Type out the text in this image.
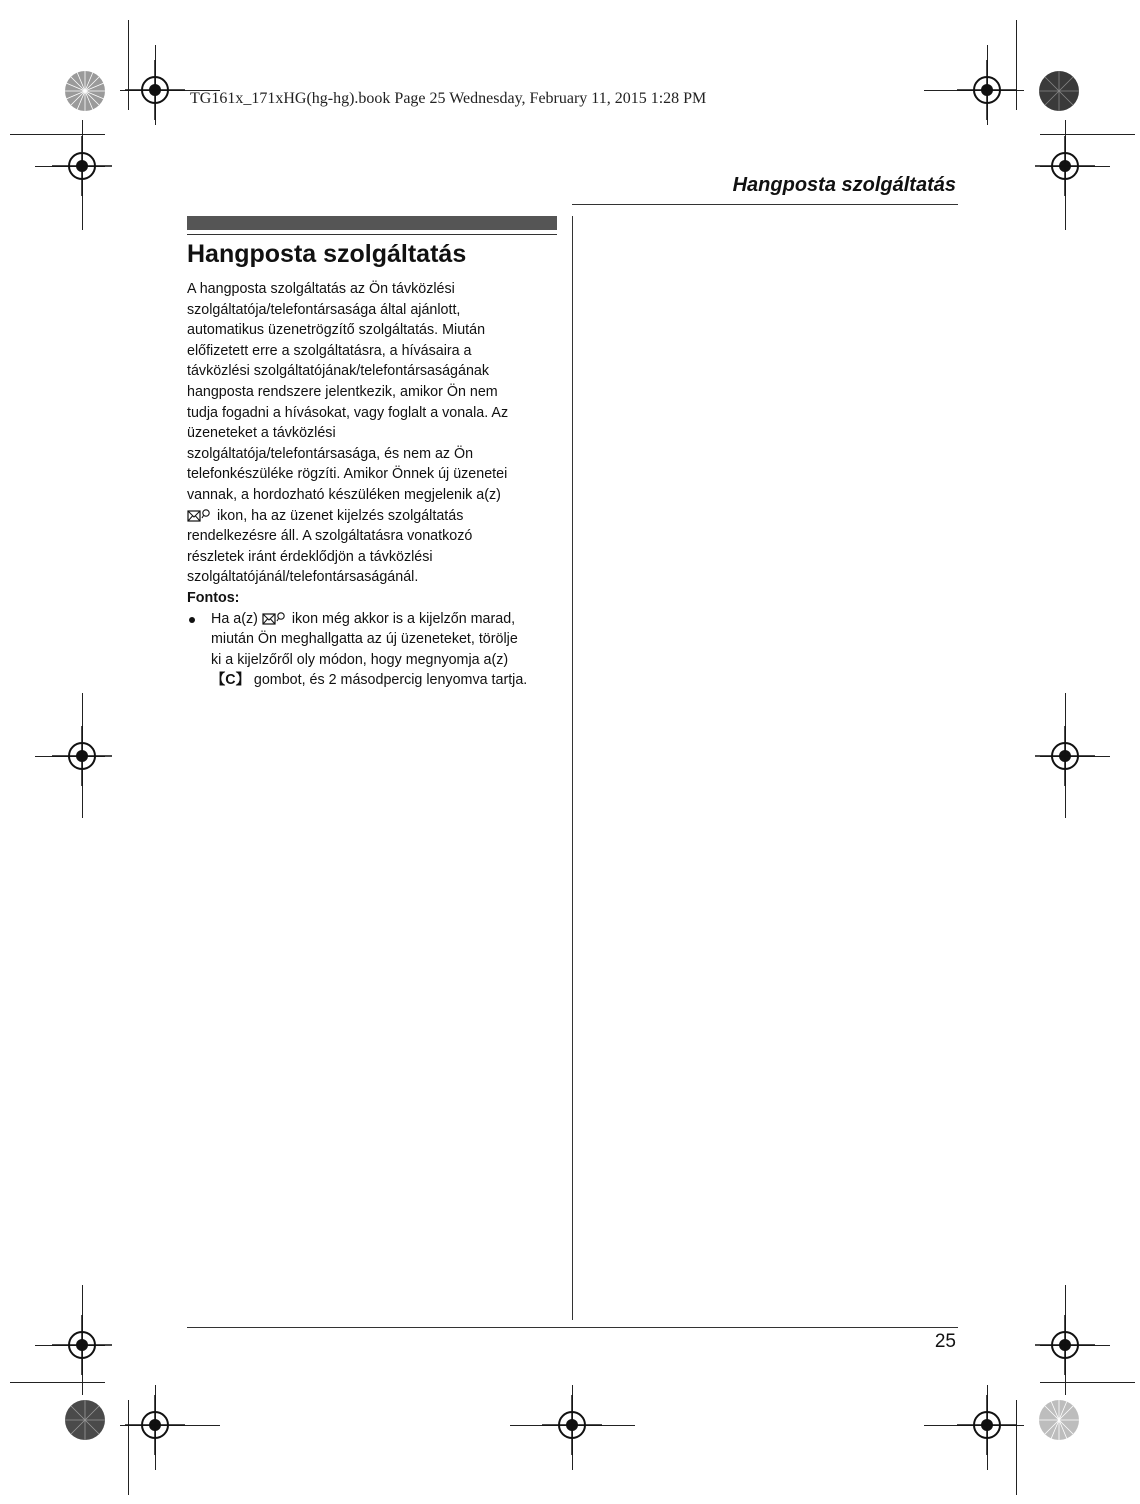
TG161x_171xHG(hg-hg).book Page 25 Wednesday, February 11, 2015 1:28 PM
Hangposta szolgáltatás
Hangposta szolgáltatás
A hangposta szolgáltatás az Ön távközlési
szolgáltatója/telefontársasága által ajánlott,
automatikus üzenetrögzítő szolgáltatás. Miután
előfizetett erre a szolgáltatásra, a hívásaira a
távközlési szolgáltatójának/telefontársaságának
hangposta rendszere jelentkezik, amikor Ön nem
tudja fogadni a hívásokat, vagy foglalt a vonala. Az
üzeneteket a távközlési
szolgáltatója/telefontársasága, és nem az Ön
telefonkészüléke rögzíti. Amikor Önnek új üzenetei
vannak, a hordozható készüléken megjelenik a(z)
ikon, ha az üzenet kijelzés szolgáltatás
rendelkezésre áll. A szolgáltatásra vonatkozó
részletek iránt érdeklődjön a távközlési
szolgáltatójánál/telefontársaságánál.
Fontos:
Ha a(z) ikon még akkor is a kijelzőn marad,
miután Ön meghallgatta az új üzeneteket, törölje
ki a kijelzőről oly módon, hogy megnyomja a(z)
【C】 gombot, és 2 másodpercig lenyomva tartja.
25
